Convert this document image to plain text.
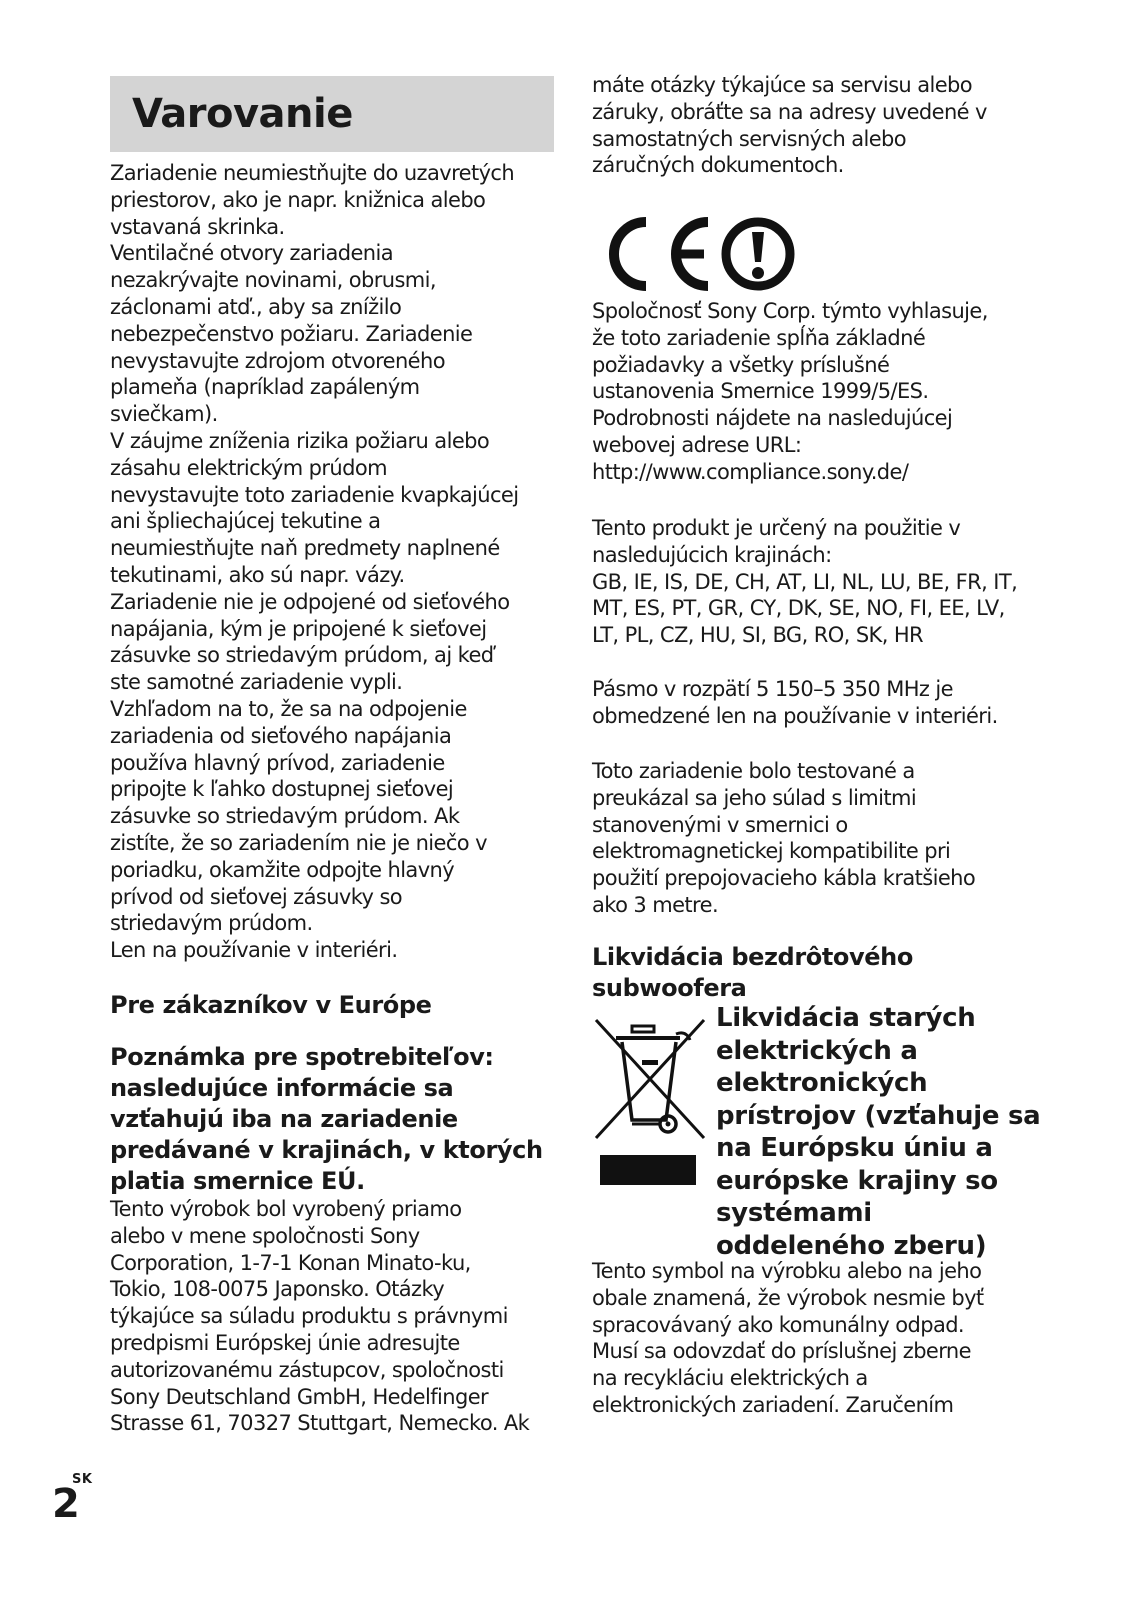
Varovanie

Zariadenie neumiestňujte do uzavretých
priestorov, ako je napr. knižnica alebo
vstavaná skrinka.
Ventilačné otvory zariadenia
nezakrývajte novinami, obrusmi,
záclonami atď., aby sa znížilo
nebezpečenstvo požiaru. Zariadenie
nevystavujte zdrojom otvoreného
plameňa (napríklad zapáleným
sviečkam).
V záujme zníženia rizika požiaru alebo
zásahu elektrickým prúdom
nevystavujte toto zariadenie kvapkajúcej
ani špliechajúcej tekutine a
neumiestňujte naň predmety naplnené
tekutinami, ako sú napr. vázy.
Zariadenie nie je odpojené od sieťového
napájania, kým je pripojené k sieťovej
zásuvke so striedavým prúdom, aj keď
ste samotné zariadenie vypli.
Vzhľadom na to, že sa na odpojenie
zariadenia od sieťového napájania
používa hlavný prívod, zariadenie
pripojte k ľahko dostupnej sieťovej
zásuvke so striedavým prúdom. Ak
zistíte, že so zariadením nie je niečo v
poriadku, okamžite odpojte hlavný
prívod od sieťovej zásuvky so
striedavým prúdom.
Len na používanie v interiéri.

Pre zákazníkov v Európe

Poznámka pre spotrebiteľov:
nasledujúce informácie sa
vzťahujú iba na zariadenie
predávané v krajinách, v ktorých
platia smernice EÚ.

Tento výrobok bol vyrobený priamo
alebo v mene spoločnosti Sony
Corporation, 1-7-1 Konan Minato-ku,
Tokio, 108-0075 Japonsko. Otázky
týkajúce sa súladu produktu s právnymi
predpismi Európskej únie adresujte
autorizovanému zástupcov, spoločnosti
Sony Deutschland GmbH, Hedelfinger
Strasse 61, 70327 Stuttgart, Nemecko. Ak

máte otázky týkajúce sa servisu alebo
záruky, obráťte sa na adresy uvedené v
samostatných servisných alebo
záručných dokumentoch.

Spoločnosť Sony Corp. týmto vyhlasuje,
že toto zariadenie spĺňa základné
požiadavky a všetky príslušné
ustanovenia Smernice 1999/5/ES.
Podrobnosti nájdete na nasledujúcej
webovej adrese URL:
http://www.compliance.sony.de/

Tento produkt je určený na použitie v
nasledujúcich krajinách:
GB, IE, IS, DE, CH, AT, LI, NL, LU, BE, FR, IT,
MT, ES, PT, GR, CY, DK, SE, NO, FI, EE, LV,
LT, PL, CZ, HU, SI, BG, RO, SK, HR

Pásmo v rozpätí 5 150–5 350 MHz je
obmedzené len na používanie v interiéri.

Toto zariadenie bolo testované a
preukázal sa jeho súlad s limitmi
stanovenými v smernici o
elektromagnetickej kompatibilite pri
použití prepojovacieho kábla kratšieho
ako 3 metre.

Likvidácia bezdrôtového
subwoofera

Likvidácia starých
elektrických a
elektronických
prístrojov (vzťahuje sa
na Európsku úniu a
európske krajiny so
systémami
oddeleného zberu)

Tento symbol na výrobku alebo na jeho
obale znamená, že výrobok nesmie byť
spracovávaný ako komunálny odpad.
Musí sa odovzdať do príslušnej zberne
na recykláciu elektrických a
elektronických zariadení. Zaručením

SK
2
